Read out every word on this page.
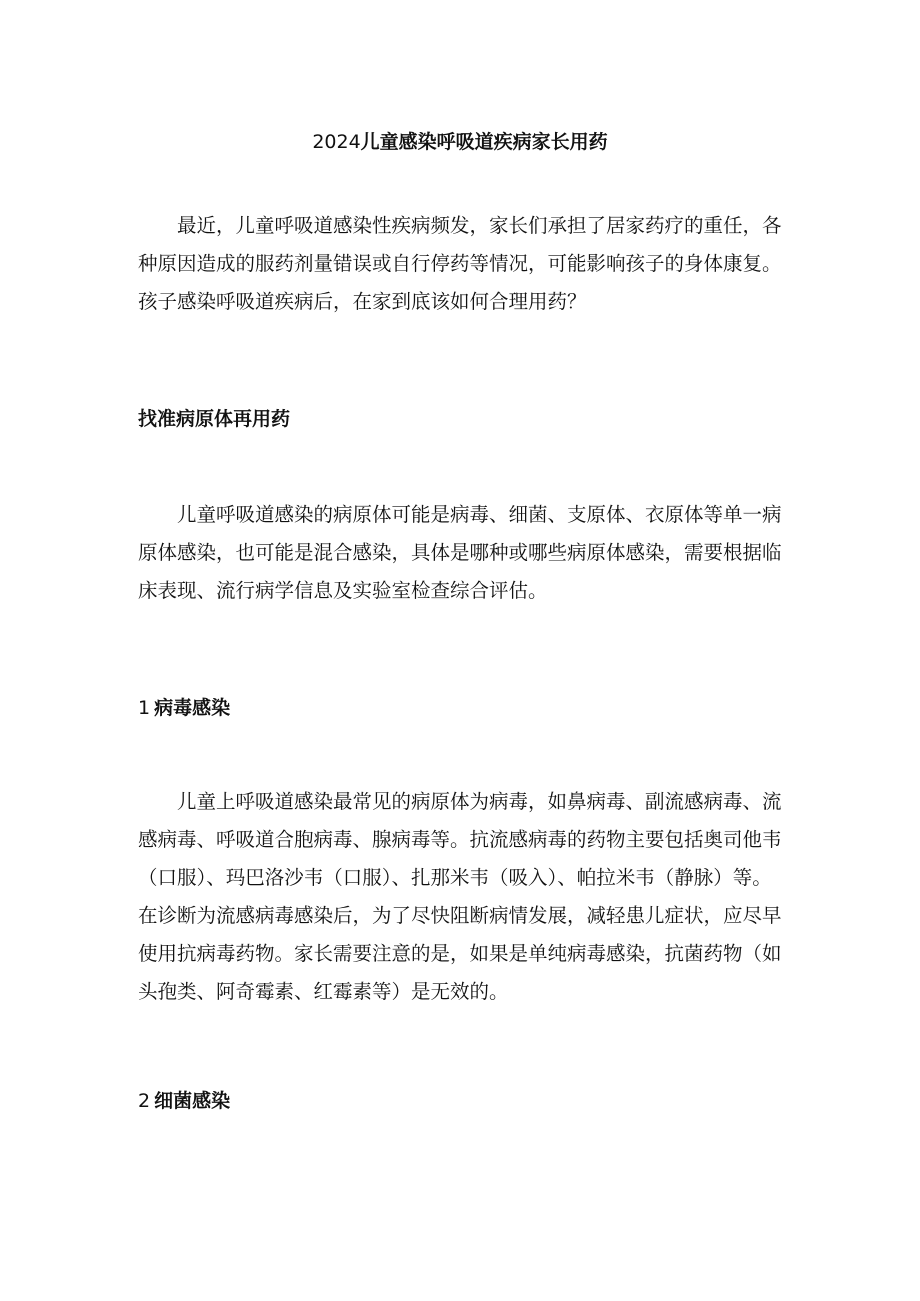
2024儿童感染呼吸道疾病家长用药

最近，儿童呼吸道感染性疾病频发，家长们承担了居家药疗的重任，各种原因造成的服药剂量错误或自行停药等情况，可能影响孩子的身体康复。孩子感染呼吸道疾病后，在家到底该如何合理用药？

找准病原体再用药

儿童呼吸道感染的病原体可能是病毒、细菌、支原体、衣原体等单一病原体感染，也可能是混合感染，具体是哪种或哪些病原体感染，需要根据临床表现、流行病学信息及实验室检查综合评估。

1 病毒感染

儿童上呼吸道感染最常见的病原体为病毒，如鼻病毒、副流感病毒、流感病毒、呼吸道合胞病毒、腺病毒等。抗流感病毒的药物主要包括奥司他韦（口服）、玛巴洛沙韦（口服）、扎那米韦（吸入）、帕拉米韦（静脉）等。在诊断为流感病毒感染后，为了尽快阻断病情发展，减轻患儿症状，应尽早使用抗病毒药物。家长需要注意的是，如果是单纯病毒感染，抗菌药物（如头孢类、阿奇霉素、红霉素等）是无效的。

2 细菌感染
